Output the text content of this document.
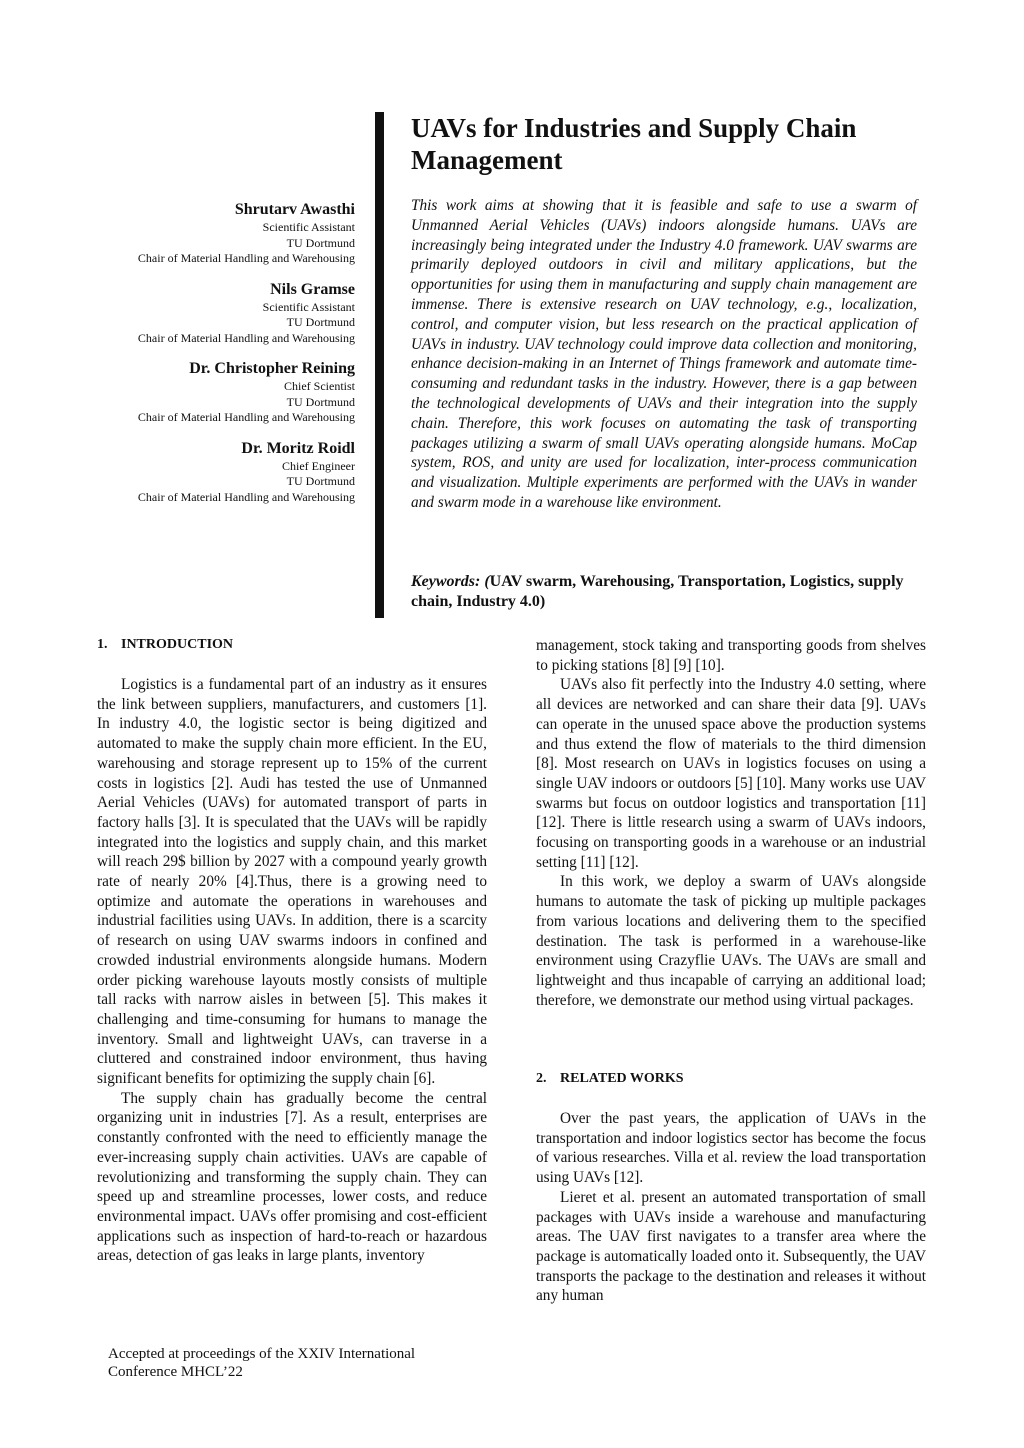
Shrutarv Awasthi
Scientific Assistant
TU Dortmund
Chair of Material Handling and Warehousing
Nils Gramse
Scientific Assistant
TU Dortmund
Chair of Material Handling and Warehousing
Dr. Christopher Reining
Chief Scientist
TU Dortmund
Chair of Material Handling and Warehousing
Dr. Moritz Roidl
Chief Engineer
TU Dortmund
Chair of Material Handling and Warehousing
UAVs for Industries and Supply Chain Management

This work aims at showing that it is feasible and safe to use a swarm of Unmanned Aerial Vehicles (UAVs) indoors alongside humans. UAVs are increasingly being integrated under the Industry 4.0 framework. UAV swarms are primarily deployed outdoors in civil and military applications, but the opportunities for using them in manufacturing and supply chain management are immense. There is extensive research on UAV technology, e.g., localization, control, and computer vision, but less research on the practical application of UAVs in industry. UAV technology could improve data collection and monitoring, enhance decision-making in an Internet of Things framework and automate time-consuming and redundant tasks in the industry. However, there is a gap between the technological developments of UAVs and their integration into the supply chain. Therefore, this work focuses on automating the task of transporting packages utilizing a swarm of small UAVs operating alongside humans. MoCap system, ROS, and unity are used for localization, inter-process communication and visualization. Multiple experiments are performed with the UAVs in wander and swarm mode in a warehouse like environment.

Keywords: (UAV swarm, Warehousing, Transportation, Logistics, supply chain, Industry 4.0)

1. INTRODUCTION

Logistics is a fundamental part of an industry as it ensures the link between suppliers, manufacturers, and customers [1]. In industry 4.0, the logistic sector is being digitized and automated to make the supply chain more efficient. In the EU, warehousing and storage represent up to 15% of the current costs in logistics [2]. Audi has tested the use of Unmanned Aerial Vehicles (UAVs) for automated transport of parts in factory halls [3]. It is speculated that the UAVs will be rapidly integrated into the logistics and supply chain, and this market will reach 29$ billion by 2027 with a compound yearly growth rate of nearly 20% [4].Thus, there is a growing need to optimize and automate the operations in warehouses and industrial facilities using UAVs. In addition, there is a scarcity of research on using UAV swarms indoors in confined and crowded industrial environments alongside humans. Modern order picking warehouse layouts mostly consists of multiple tall racks with narrow aisles in between [5]. This makes it challenging and time-consuming for humans to manage the inventory. Small and lightweight UAVs, can traverse in a cluttered and constrained indoor environment, thus having significant benefits for optimizing the supply chain [6].

The supply chain has gradually become the central organizing unit in industries [7]. As a result, enterprises are constantly confronted with the need to efficiently manage the ever-increasing supply chain activities. UAVs are capable of revolutionizing and transforming the supply chain. They can speed up and streamline processes, lower costs, and reduce environmental impact. UAVs offer promising and cost-efficient applications such as inspection of hard-to-reach or hazardous areas, detection of gas leaks in large plants, inventory

management, stock taking and transporting goods from shelves to picking stations [8] [9] [10].

UAVs also fit perfectly into the Industry 4.0 setting, where all devices are networked and can share their data [9]. UAVs can operate in the unused space above the production systems and thus extend the flow of materials to the third dimension [8]. Most research on UAVs in logistics focuses on using a single UAV indoors or outdoors [5] [10]. Many works use UAV swarms but focus on outdoor logistics and transportation [11] [12]. There is little research using a swarm of UAVs indoors, focusing on transporting goods in a warehouse or an industrial setting [11] [12].

In this work, we deploy a swarm of UAVs alongside humans to automate the task of picking up multiple packages from various locations and delivering them to the specified destination. The task is performed in a warehouse-like environment using Crazyflie UAVs. The UAVs are small and lightweight and thus incapable of carrying an additional load; therefore, we demonstrate our method using virtual packages.

Over the past years, the application of UAVs in the transportation and indoor logistics sector has become the focus of various researches. Villa et al. review the load transportation using UAVs [12].

Lieret et al. present an automated transportation of small packages with UAVs inside a warehouse and manufacturing areas. The UAV first navigates to a transfer area where the package is automatically loaded onto it. Subsequently, the UAV transports the package to the destination and releases it without any human

2. RELATED WORKS
Accepted at proceedings of the XXIV International
Conference MHCL’22
